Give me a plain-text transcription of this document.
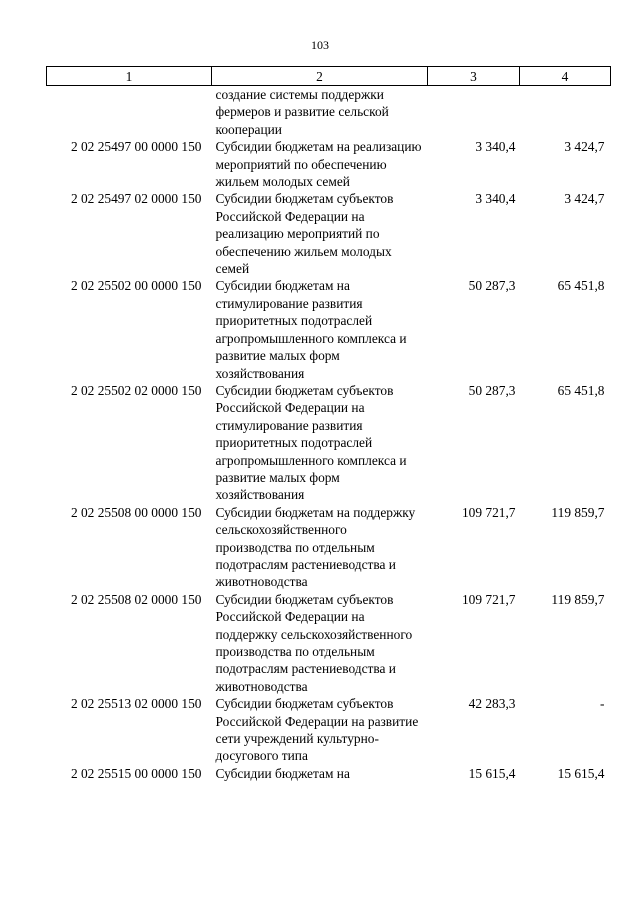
103
1	2	3	4
	создание системы поддержки фермеров и развитие сельской кооперации		
2 02 25497 00 0000 150	Субсидии бюджетам на реализацию мероприятий по обеспечению жильем молодых семей	3 340,4	3 424,7
2 02 25497 02 0000 150	Субсидии бюджетам субъектов Российской Федерации на реализацию мероприятий по обеспечению жильем молодых семей	3 340,4	3 424,7
2 02 25502 00 0000 150	Субсидии бюджетам на стимулирование развития приоритетных подотраслей агропромышленного комплекса и развитие малых форм хозяйствования	50 287,3	65 451,8
2 02 25502 02 0000 150	Субсидии бюджетам субъектов Российской Федерации на стимулирование развития приоритетных подотраслей агропромышленного комплекса и развитие малых форм хозяйствования	50 287,3	65 451,8
2 02 25508 00 0000 150	Субсидии бюджетам на поддержку сельскохозяйственного производства по отдельным подотраслям растениеводства и животноводства	109 721,7	119 859,7
2 02 25508 02 0000 150	Субсидии бюджетам субъектов Российской Федерации на поддержку сельскохозяйственного производства по отдельным подотраслям растениеводства и животноводства	109 721,7	119 859,7
2 02 25513 02 0000 150	Субсидии бюджетам субъектов Российской Федерации на развитие сети учреждений культурно-досугового типа	42 283,3	-
2 02 25515 00 0000 150	Субсидии бюджетам на	15 615,4	15 615,4
